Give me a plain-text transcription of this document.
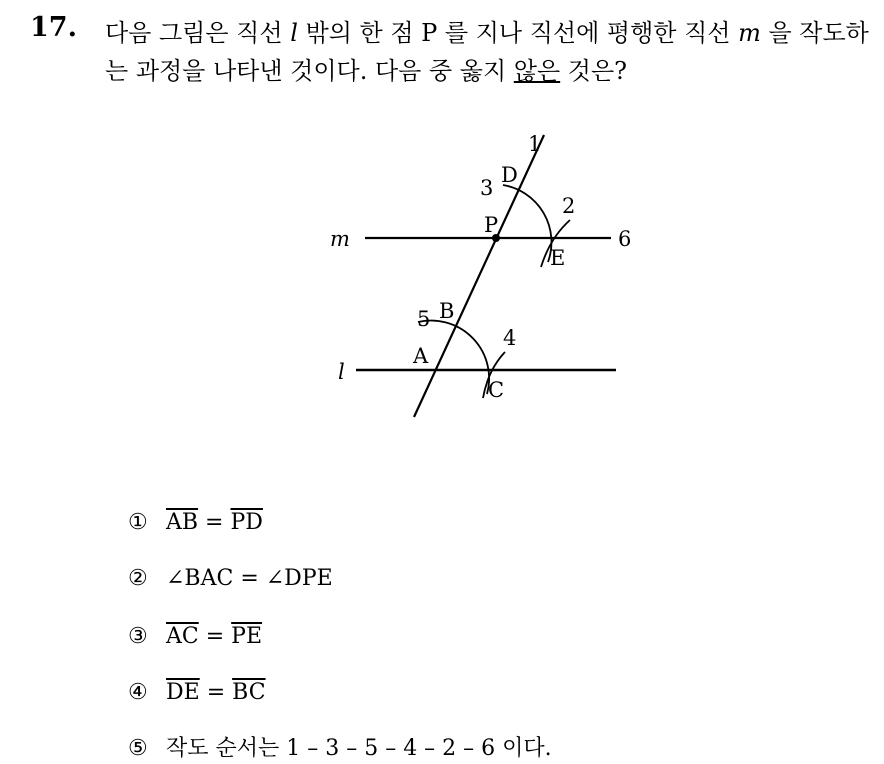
17. 다음 그림은 직선 l 밖의 한 점 P 를 지나 직선에 평행한 직선 m 을 작도하는 과정을 나타낸 것이다. 다음 중 옳지 않은 것은?
1
3
D
2
m
P
6
E
5 B
4
A
l
C
① $\overline{AB} = \overline{PD}$
② ∠BAC = ∠DPE
③ $\overline{AC} = \overline{PE}$
④ $\overline{DE} = \overline{BC}$
⑤ 작도 순서는 1 – 3 – 5 – 4 – 2 – 6 이다.
